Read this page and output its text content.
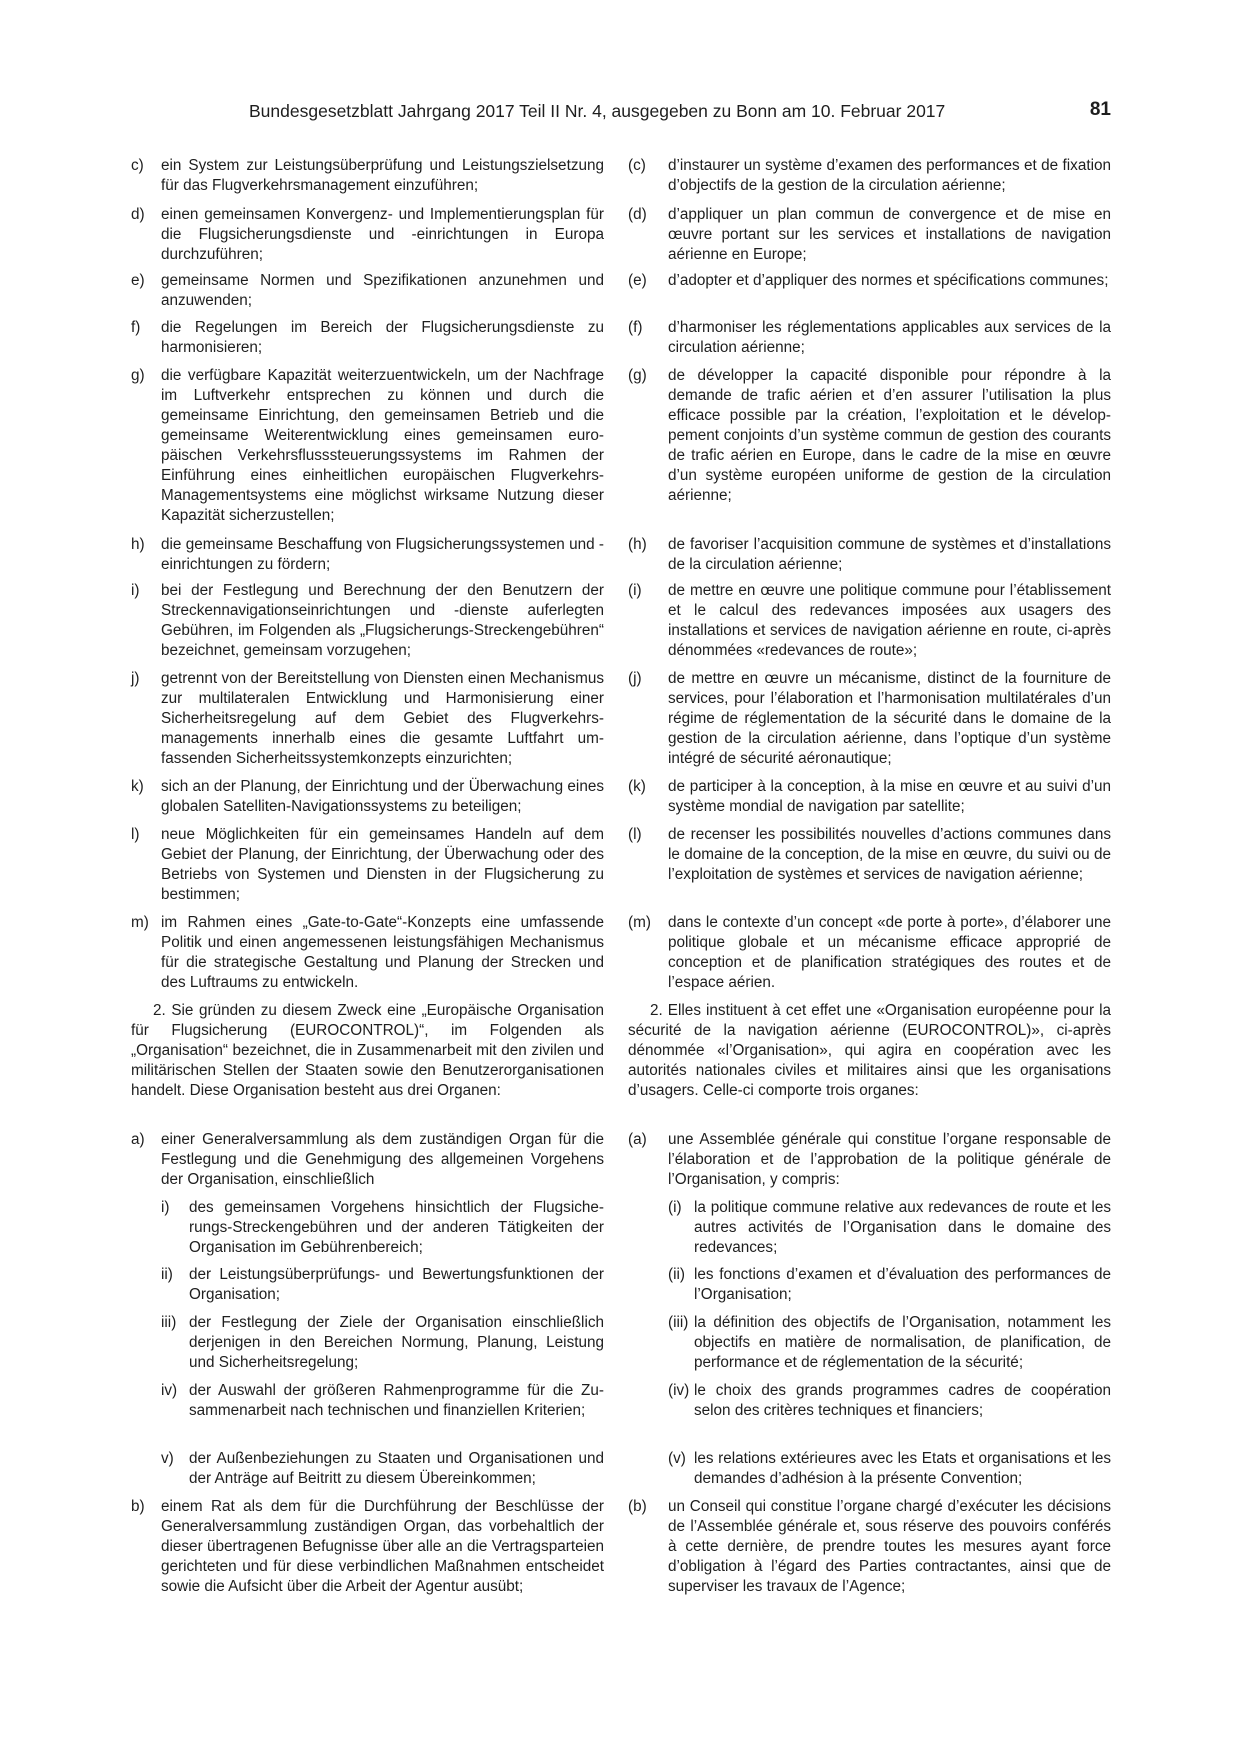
Bundesgesetzblatt Jahrgang 2017 Teil II Nr. 4, ausgegeben zu Bonn am 10. Februar 2017	81
c) ein System zur Leistungsüberprüfung und Leistungszielsetzung für das Flugverkehrsmanagement einzuführen;
d) einen gemeinsamen Konvergenz- und Implementierungsplan für die Flugsicherungsdienste und -einrichtungen in Europa durchzuführen;
e) gemeinsame Normen und Spezifikationen anzunehmen und anzuwenden;
f) die Regelungen im Bereich der Flugsicherungsdienste zu harmonisieren;
g) die verfügbare Kapazität weiterzuentwickeln, um der Nachfrage im Luftverkehr entsprechen zu können und durch die gemeinsame Einrichtung, den gemeinsamen Betrieb und die gemeinsame Weiterentwicklung eines gemeinsamen europäischen Verkehrsflusssteuerungssystems im Rahmen der Einführung eines einheitlichen europäischen Flugverkehrs-Managementsystems eine möglichst wirksame Nutzung dieser Kapazität sicherzustellen;
h) die gemeinsame Beschaffung von Flugsicherungssystemen und -einrichtungen zu fördern;
i) bei der Festlegung und Berechnung der den Benutzern der Streckennavigationseinrichtungen und -dienste auferlegten Gebühren, im Folgenden als „Flugsicherungs-Streckengebühren“ bezeichnet, gemeinsam vorzugehen;
j) getrennt von der Bereitstellung von Diensten einen Mechanismus zur multilateralen Entwicklung und Harmonisierung einer Sicherheitsregelung auf dem Gebiet des Flugverkehrsmanagements innerhalb eines die gesamte Luftfahrt umfassenden Sicherheitssystemkonzepts einzurichten;
k) sich an der Planung, der Einrichtung und der Überwachung eines globalen Satelliten-Navigationssystems zu beteiligen;
l) neue Möglichkeiten für ein gemeinsames Handeln auf dem Gebiet der Planung, der Einrichtung, der Überwachung oder des Betriebs von Systemen und Diensten in der Flugsicherung zu bestimmen;
m) im Rahmen eines „Gate-to-Gate“-Konzepts eine umfassende Politik und einen angemessenen leistungsfähigen Mechanismus für die strategische Gestaltung und Planung der Strecken und des Luftraums zu entwickeln.

2. Sie gründen zu diesem Zweck eine „Europäische Organisation für Flugsicherung (EUROCONTROL)“, im Folgenden als „Organisation“ bezeichnet, die in Zusammenarbeit mit den zivilen und militärischen Stellen der Staaten sowie den Benutzerorganisationen handelt. Diese Organisation besteht aus drei Organen:

a) einer Generalversammlung als dem zuständigen Organ für die Festlegung und die Genehmigung des allgemeinen Vorgehens der Organisation, einschließlich
i) des gemeinsamen Vorgehens hinsichtlich der Flugsicherungs-Streckengebühren und der anderen Tätigkeiten der Organisation im Gebührenbereich;
ii) der Leistungsüberprüfungs- und Bewertungsfunktionen der Organisation;
iii) der Festlegung der Ziele der Organisation einschließlich derjenigen in den Bereichen Normung, Planung, Leistung und Sicherheitsregelung;
iv) der Auswahl der größeren Rahmenprogramme für die Zusammenarbeit nach technischen und finanziellen Kriterien;
v) der Außenbeziehungen zu Staaten und Organisationen und der Anträge auf Beitritt zu diesem Übereinkommen;
b) einem Rat als dem für die Durchführung der Beschlüsse der Generalversammlung zuständigen Organ, das vorbehaltlich der dieser übertragenen Befugnisse über alle an die Vertragsparteien gerichteten und für diese verbindlichen Maßnahmen entscheidet sowie die Aufsicht über die Arbeit der Agentur ausübt;
(c) d’instaurer un système d’examen des performances et de fixation d’objectifs de la gestion de la circulation aérienne;
(d) d’appliquer un plan commun de convergence et de mise en œuvre portant sur les services et installations de navigation aérienne en Europe;
(e) d’adopter et d’appliquer des normes et spécifications communes;
(f) d’harmoniser les réglementations applicables aux services de la circulation aérienne;
(g) de développer la capacité disponible pour répondre à la demande de trafic aérien et d’en assurer l’utilisation la plus efficace possible par la création, l’exploitation et le développement conjoints d’un système commun de gestion des courants de trafic aérien en Europe, dans le cadre de la mise en œuvre d’un système européen uniforme de gestion de la circulation aérienne;
(h) de favoriser l’acquisition commune de systèmes et d’installations de la circulation aérienne;
(i) de mettre en œuvre une politique commune pour l’établissement et le calcul des redevances imposées aux usagers des installations et services de navigation aérienne en route, ci-après dénommées «redevances de route»;
(j) de mettre en œuvre un mécanisme, distinct de la fourniture de services, pour l’élaboration et l’harmonisation multilatérales d’un régime de réglementation de la sécurité dans le domaine de la gestion de la circulation aérienne, dans l’optique d’un système intégré de sécurité aéronautique;
(k) de participer à la conception, à la mise en œuvre et au suivi d’un système mondial de navigation par satellite;
(l) de recenser les possibilités nouvelles d’actions communes dans le domaine de la conception, de la mise en œuvre, du suivi ou de l’exploitation de systèmes et services de navigation aérienne;
(m) dans le contexte d’un concept «de porte à porte», d’élaborer une politique globale et un mécanisme efficace approprié de conception et de planification stratégiques des routes et de l’espace aérien.

2. Elles instituent à cet effet une «Organisation européenne pour la sécurité de la navigation aérienne (EUROCONTROL)», ci-après dénommée «l’Organisation», qui agira en coopération avec les autorités nationales civiles et militaires ainsi que les organisations d’usagers. Celle-ci comporte trois organes:

(a) une Assemblée générale qui constitue l’organe responsable de l’élaboration et de l’approbation de la politique générale de l’Organisation, y compris:
(i) la politique commune relative aux redevances de route et les autres activités de l’Organisation dans le domaine des redevances;
(ii) les fonctions d’examen et d’évaluation des performances de l’Organisation;
(iii) la définition des objectifs de l’Organisation, notamment les objectifs en matière de normalisation, de planification, de performance et de réglementation de la sécurité;
(iv) le choix des grands programmes cadres de coopération selon des critères techniques et financiers;
(v) les relations extérieures avec les Etats et organisations et les demandes d’adhésion à la présente Convention;
(b) un Conseil qui constitue l’organe chargé d’exécuter les décisions de l’Assemblée générale et, sous réserve des pouvoirs conférés à cette dernière, de prendre toutes les mesures ayant force d’obligation à l’égard des Parties contractantes, ainsi que de superviser les travaux de l’Agence;
